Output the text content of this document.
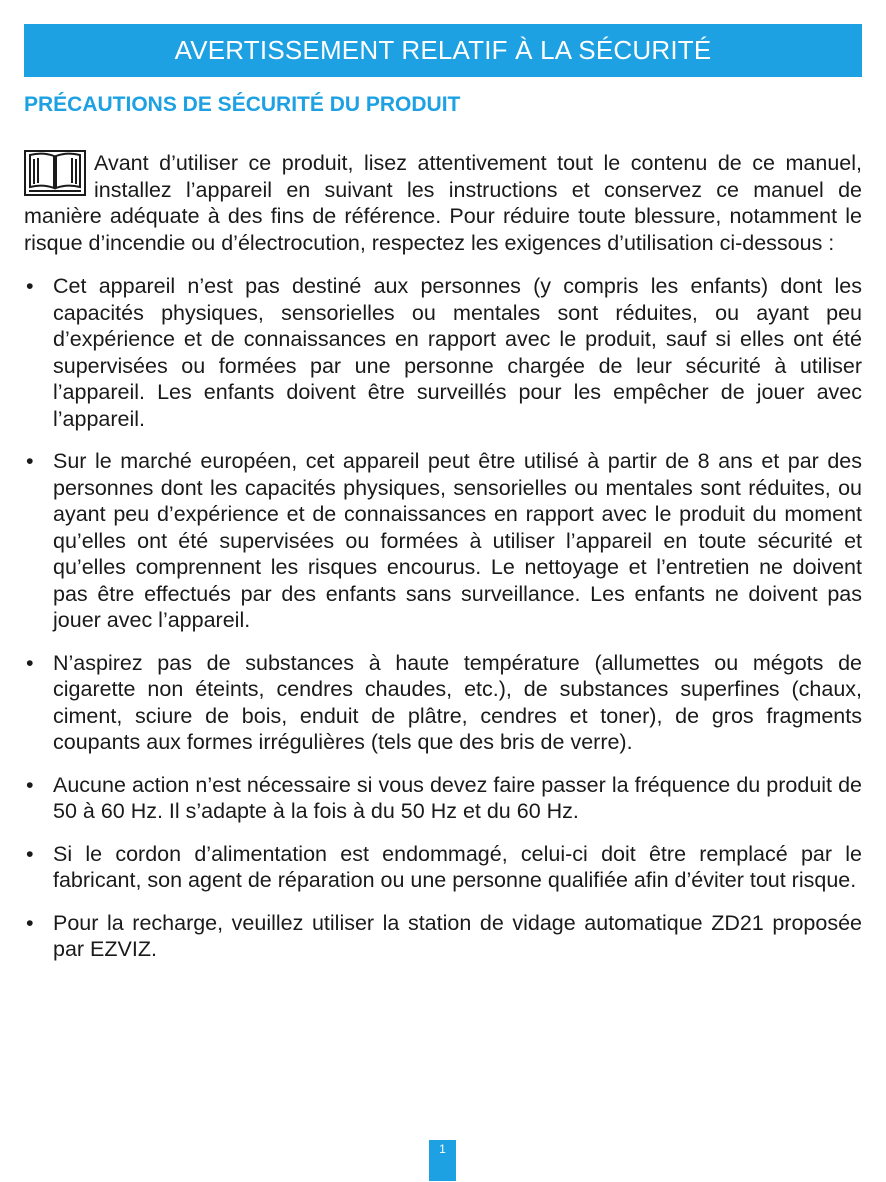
AVERTISSEMENT RELATIF À LA SÉCURITÉ
PRÉCAUTIONS DE SÉCURITÉ DU PRODUIT

Avant d’utiliser ce produit, lisez attentivement tout le contenu de ce manuel, installez l’appareil en suivant les instructions et conservez ce manuel de manière adéquate à des fins de référence. Pour réduire toute blessure, notamment le risque d’incendie ou d’électrocution, respectez les exigences d’utilisation ci-dessous :

• Cet appareil n’est pas destiné aux personnes (y compris les enfants) dont les capacités physiques, sensorielles ou mentales sont réduites, ou ayant peu d’expérience et de connaissances en rapport avec le produit, sauf si elles ont été supervisées ou formées par une personne chargée de leur sécurité à utiliser l’appareil. Les enfants doivent être surveillés pour les empêcher de jouer avec l’appareil.
• Sur le marché européen, cet appareil peut être utilisé à partir de 8 ans et par des personnes dont les capacités physiques, sensorielles ou mentales sont réduites, ou ayant peu d’expérience et de connaissances en rapport avec le produit du moment qu’elles ont été supervisées ou formées à utiliser l’appareil en toute sécurité et qu’elles comprennent les risques encourus. Le nettoyage et l’entretien ne doivent pas être effectués par des enfants sans surveillance. Les enfants ne doivent pas jouer avec l’appareil.
• N’aspirez pas de substances à haute température (allumettes ou mégots de cigarette non éteints, cendres chaudes, etc.), de substances superfines (chaux, ciment, sciure de bois, enduit de plâtre, cendres et toner), de gros fragments coupants aux formes irrégulières (tels que des bris de verre).
• Aucune action n’est nécessaire si vous devez faire passer la fréquence du produit de 50 à 60 Hz. Il s’adapte à la fois à du 50 Hz et du 60 Hz.
• Si le cordon d’alimentation est endommagé, celui-ci doit être remplacé par le fabricant, son agent de réparation ou une personne qualifiée afin d’éviter tout risque.
• Pour la recharge, veuillez utiliser la station de vidage automatique ZD21 proposée par EZVIZ.
1
